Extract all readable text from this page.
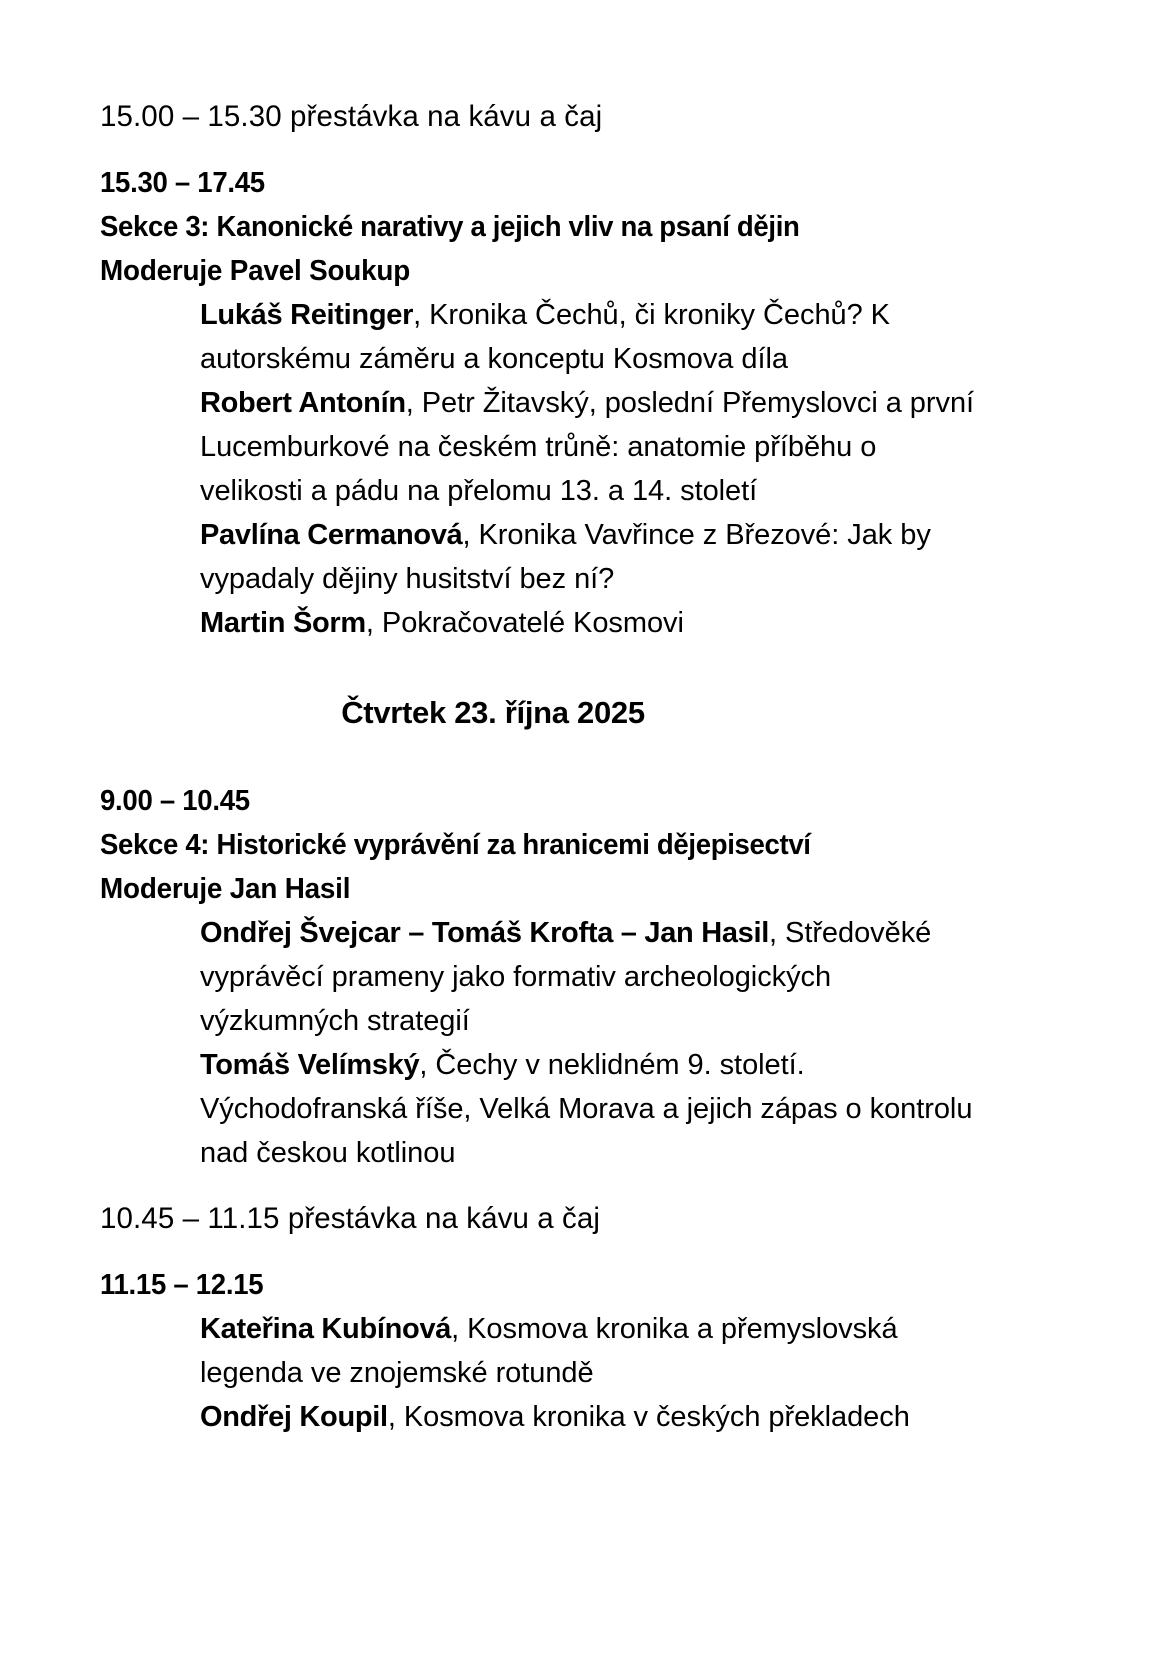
15.00 – 15.30 přestávka na kávu a čaj
15.30 – 17.45
Sekce 3: Kanonické narativy a jejich vliv na psaní dějin
Moderuje Pavel Soukup

Lukáš Reitinger, Kronika Čechů, či kroniky Čechů? K autorskému záměru a konceptu Kosmova díla

Robert Antonín, Petr Žitavský, poslední Přemyslovci a první Lucemburkové na českém trůně: anatomie příběhu o velikosti a pádu na přelomu 13. a 14. století

Pavlína Cermanová, Kronika Vavřince z Březové: Jak by vypadaly dějiny husitství bez ní?

Martin Šorm, Pokračovatelé Kosmovi

Čtvrtek 23. října 2025
9.00 – 10.45
Sekce 4: Historické vyprávění za hranicemi dějepisectví
Moderuje Jan Hasil

Ondřej Švejcar – Tomáš Krofta – Jan Hasil, Středověké vyprávěcí prameny jako formativ archeologických výzkumných strategií

Tomáš Velímský, Čechy v neklidném 9. století. Východofranská říše, Velká Morava a jejich zápas o kontrolu nad českou kotlinou

10.45 – 11.15 přestávka na kávu a čaj
11.15 – 12.15

Kateřina Kubínová, Kosmova kronika a přemyslovská legenda ve znojemské rotundě

Ondřej Koupil, Kosmova kronika v českých překladech
